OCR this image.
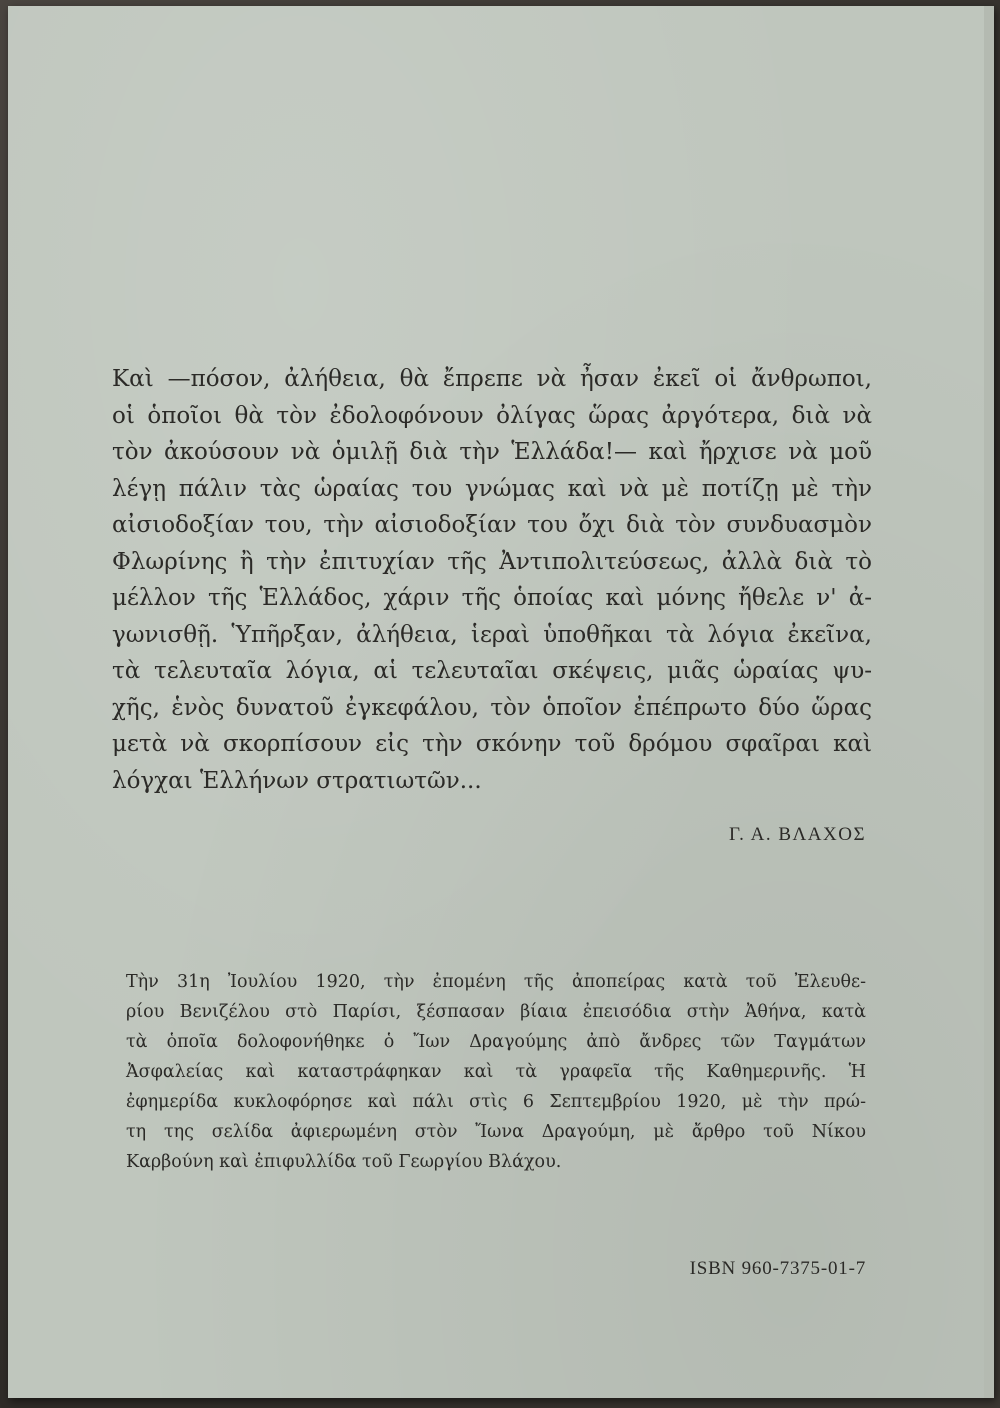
Καὶ —πόσον, ἀλήθεια, θὰ ἔπρεπε νὰ ἦσαν ἐκεῖ οἱ ἄνθρωποι,
οἱ ὁποῖοι θὰ τὸν ἐδολοφόνουν ὀλίγας ὥρας ἀργότερα, διὰ νὰ
τὸν ἀκούσουν νὰ ὁμιλῇ διὰ τὴν Ἑλλάδα!— καὶ ἤρχισε νὰ μοῦ
λέγῃ πάλιν τὰς ὡραίας του γνώμας καὶ νὰ μὲ ποτίζῃ μὲ τὴν
αἰσιοδοξίαν του, τὴν αἰσιοδοξίαν του ὄχι διὰ τὸν συνδυασμὸν
Φλωρίνης ἢ τὴν ἐπιτυχίαν τῆς Ἀντιπολιτεύσεως, ἀλλὰ διὰ τὸ
μέλλον τῆς Ἑλλάδος, χάριν τῆς ὁποίας καὶ μόνης ἤθελε ν' ἀ-
γωνισθῇ. Ὑπῆρξαν, ἀλήθεια, ἱεραὶ ὑποθῆκαι τὰ λόγια ἐκεῖνα,
τὰ τελευταῖα λόγια, αἱ τελευταῖαι σκέψεις, μιᾶς ὡραίας ψυ-
χῆς, ἑνὸς δυνατοῦ ἐγκεφάλου, τὸν ὁποῖον ἐπέπρωτο δύο ὥρας
μετὰ νὰ σκορπίσουν εἰς τὴν σκόνην τοῦ δρόμου σφαῖραι καὶ
λόγχαι Ἑλλήνων στρατιωτῶν...
Γ. Α. ΒΛΑΧΟΣ
Τὴν 31η Ἰουλίου 1920, τὴν ἐπομένη τῆς ἀποπείρας κατὰ τοῦ Ἐλευθε-
ρίου Βενιζέλου στὸ Παρίσι, ξέσπασαν βίαια ἐπεισόδια στὴν Ἀθήνα, κατὰ
τὰ ὁποῖα δολοφονήθηκε ὁ Ἴων Δραγούμης ἀπὸ ἄνδρες τῶν Ταγμάτων
Ἀσφαλείας καὶ καταστράφηκαν καὶ τὰ γραφεῖα τῆς Καθημερινῆς. Ἡ
ἐφημερίδα κυκλοφόρησε καὶ πάλι στὶς 6 Σεπτεμβρίου 1920, μὲ τὴν πρώ-
τη της σελίδα ἀφιερωμένη στὸν Ἴωνα Δραγούμη, μὲ ἄρθρο τοῦ Νίκου
Καρβούνη καὶ ἐπιφυλλίδα τοῦ Γεωργίου Βλάχου.
ISBN 960-7375-01-7
